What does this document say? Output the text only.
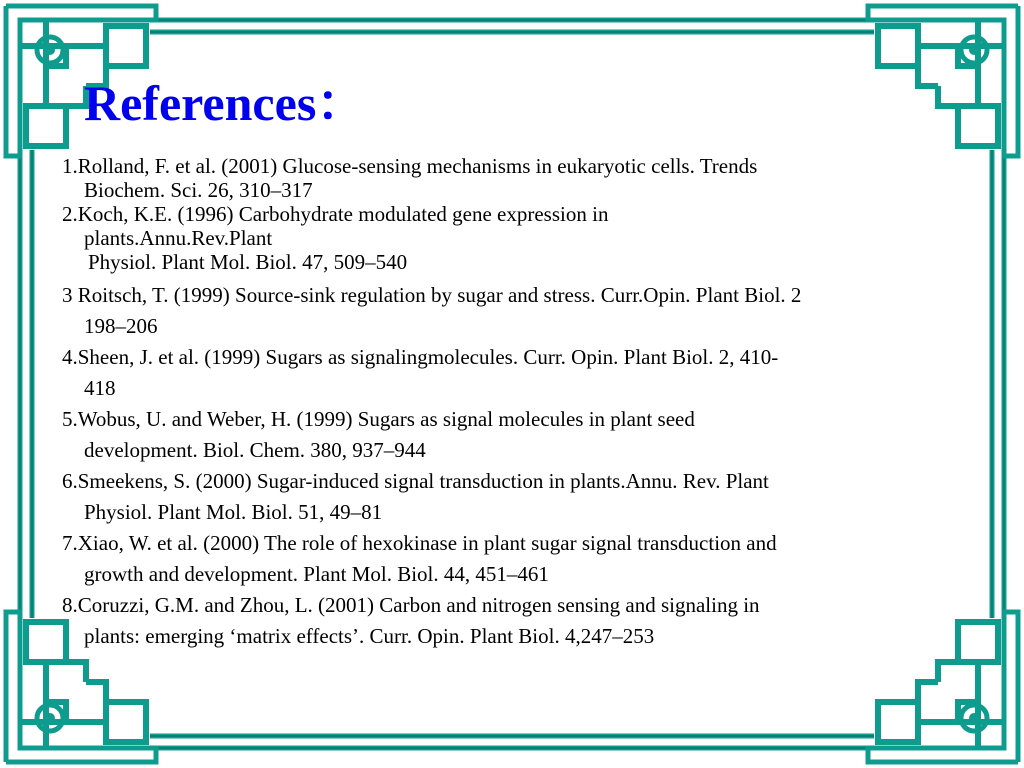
References：
1.Rolland, F. et al. (2001) Glucose-sensing mechanisms in eukaryotic cells. Trends
Biochem. Sci. 26, 310–317
2.Koch, K.E. (1996) Carbohydrate modulated gene expression in
plants.Annu.Rev.Plant
Physiol. Plant Mol. Biol. 47, 509–540
3 Roitsch, T. (1999) Source-sink regulation by sugar and stress. Curr.Opin. Plant Biol. 2
198–206
4.Sheen, J. et al. (1999) Sugars as signalingmolecules. Curr. Opin. Plant Biol. 2, 410-
418
5.Wobus, U. and Weber, H. (1999) Sugars as signal molecules in plant seed
development. Biol. Chem. 380, 937–944
6.Smeekens, S. (2000) Sugar-induced signal transduction in plants.Annu. Rev. Plant
Physiol. Plant Mol. Biol. 51, 49–81
7.Xiao, W. et al. (2000) The role of hexokinase in plant sugar signal transduction and
growth and development. Plant Mol. Biol. 44, 451–461
8.Coruzzi, G.M. and Zhou, L. (2001) Carbon and nitrogen sensing and signaling in
plants: emerging ‘matrix effects’. Curr. Opin. Plant Biol. 4,247–253
